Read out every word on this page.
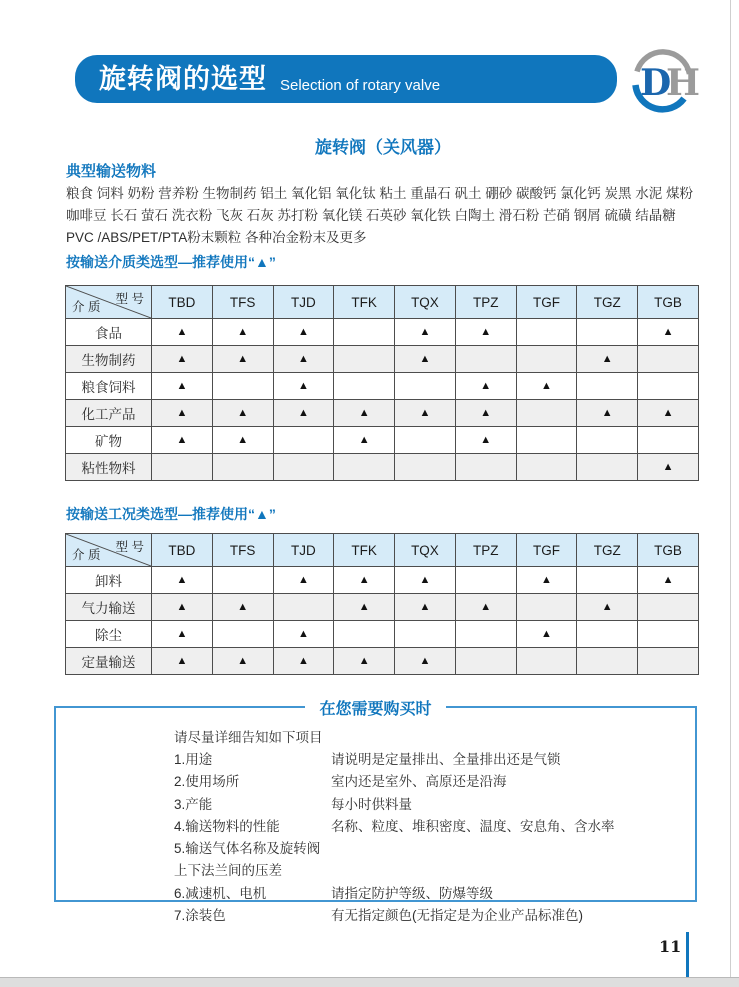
旋转阀的选型 Selection of rotary valve	D
H
旋转阀（关风器）
典型输送物料

粮食 饲料 奶粉 营养粉 生物制药 铝土 氧化铝 氧化钛 粘土 重晶石 矾土 硼砂 碳酸钙 氯化钙 炭黑 水泥 煤粉 咖啡豆 长石 萤石 洗衣粉 飞灰 石灰 苏打粉 氧化镁 石英砂 氧化铁 白陶土 滑石粉 芒硝 钢屑 硫磺 结晶糖 PVC /ABS/PET/PTA粉末颗粒 各种冶金粉末及更多

按输送介质类选型—推荐使用“▲”
型 号
介 质	TBD	TFS	TJD	TFK	TQX	TPZ	TGF	TGZ	TGB
食品	▲	▲	▲		▲	▲			▲
生物制药	▲	▲	▲		▲			▲	
粮食饲料	▲		▲			▲	▲		
化工产品	▲	▲	▲	▲	▲	▲		▲	▲
矿物	▲	▲		▲		▲			
粘性物料									▲
按输送工况类选型—推荐使用“▲”
型 号
介 质	TBD	TFS	TJD	TFK	TQX	TPZ	TGF	TGZ	TGB
卸料	▲		▲	▲	▲		▲		▲
气力输送	▲	▲		▲	▲	▲		▲	
除尘	▲		▲				▲		
定量输送	▲	▲	▲	▲	▲				
在您需要购买时
请尽量详细告知如下项目
1.用途	请说明是定量排出、全量排出还是气锁
2.使用场所	室内还是室外、高原还是沿海
3.产能	每小时供料量
4.输送物料的性能	名称、粒度、堆积密度、温度、安息角、含水率
5.输送气体名称及旋转阀上下法兰间的压差
6.减速机、电机	请指定防护等级、防爆等级
7.涂装色	有无指定颜色(无指定是为企业产品标准色)
11
